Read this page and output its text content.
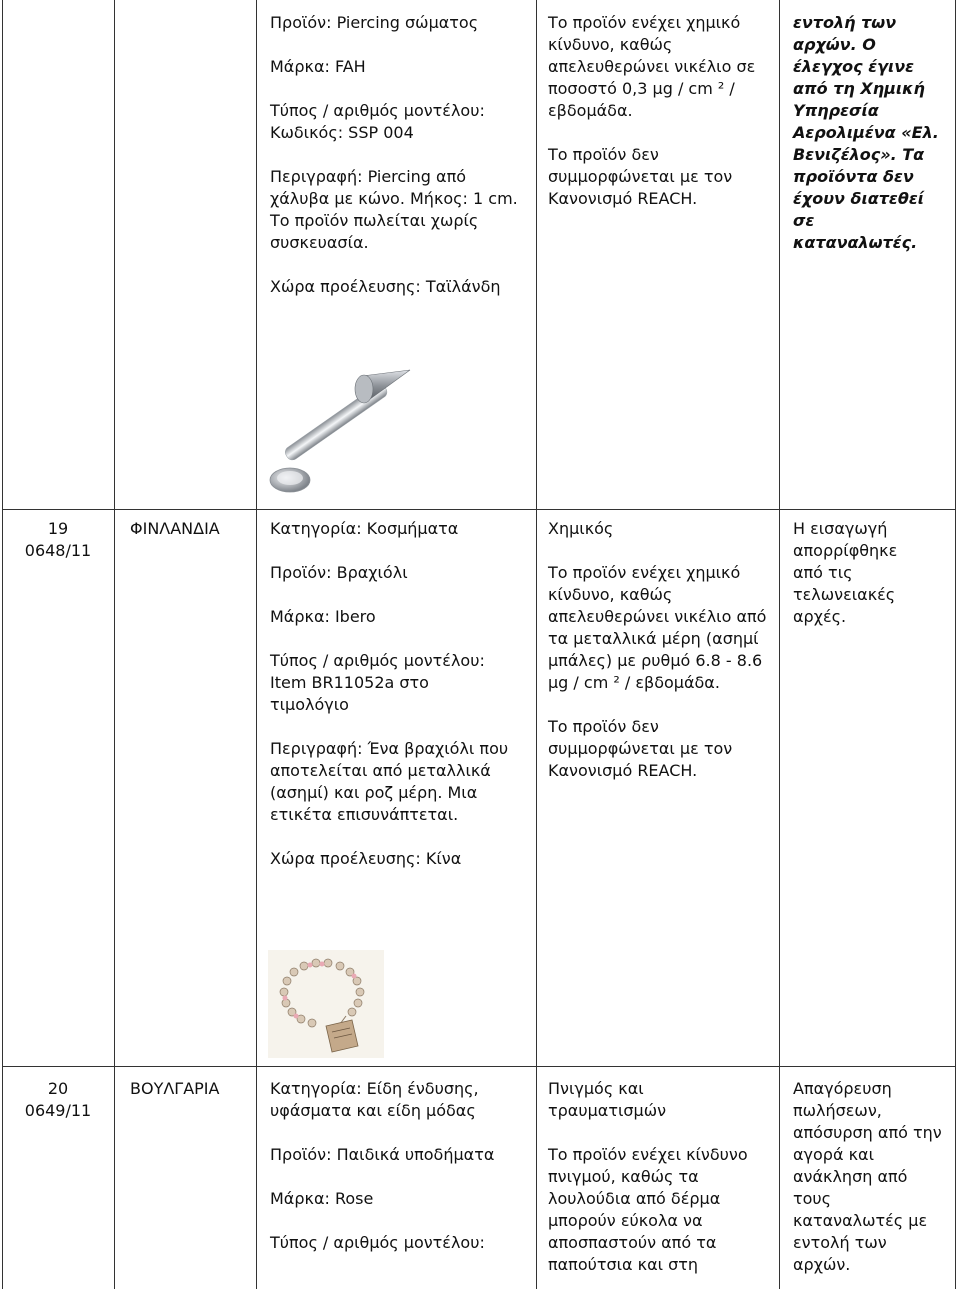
Προϊόν: Piercing σώματος

Μάρκα: FAH

Τύπος / αριθμός μοντέλου:

Κωδικός: SSP 004

Περιγραφή: Piercing από χάλυβα με κώνο. Μήκος: 1 cm. Το προϊόν πωλείται χωρίς συσκευασία.

Χώρα προέλευσης: Ταϊλάνδη

Το προϊόν ενέχει χημικό κίνδυνο, καθώς απελευθερώνει νικέλιο σε ποσοστό 0,3 μg / cm ² / εβδομάδα.

Το προϊόν δεν συμμορφώνεται με τον Κανονισμό REACH.

εντολή των αρχών. Ο έλεγχος έγινε από τη Χημική Υπηρεσία Αερολιμένα «Ελ. Βενιζέλος». Τα προϊόντα δεν έχουν διατεθεί σε καταναλωτές.
19
0648/11
ΦΙΝΛΑΝΔΙΑ	Κατηγορία: Κοσμήματα

Προϊόν: Βραχιόλι

Μάρκα: Ibero

Τύπος / αριθμός μοντέλου:

Item BR11052a στο τιμολόγιο

Περιγραφή: Ένα βραχιόλι που αποτελείται από μεταλλικά (ασημί) και ροζ μέρη. Μια ετικέτα επισυνάπτεται.

Χώρα προέλευσης: Κίνα

Χημικός

Το προϊόν ενέχει χημικό κίνδυνο, καθώς απελευθερώνει νικέλιο από τα μεταλλικά μέρη (ασημί μπάλες) με ρυθμό 6.8 - 8.6 μg / cm ² / εβδομάδα.

Το προϊόν δεν συμμορφώνεται με τον Κανονισμό REACH.

Η εισαγωγή απορρίφθηκε από τις τελωνειακές αρχές.
20
0649/11
ΒΟΥΛΓΑΡΙΑ	Κατηγορία: Είδη ένδυσης, υφάσματα και είδη μόδας

Προϊόν: Παιδικά υποδήματα

Μάρκα: Rose

Τύπος / αριθμός μοντέλου:

Πνιγμός και τραυματισμών

Το προϊόν ενέχει κίνδυνο πνιγμού, καθώς τα λουλούδια από δέρμα μπορούν εύκολα να αποσπαστούν από τα παπούτσια και στη

Απαγόρευση πωλήσεων, απόσυρση από την αγορά και ανάκληση από τους καταναλωτές με εντολή των αρχών.
